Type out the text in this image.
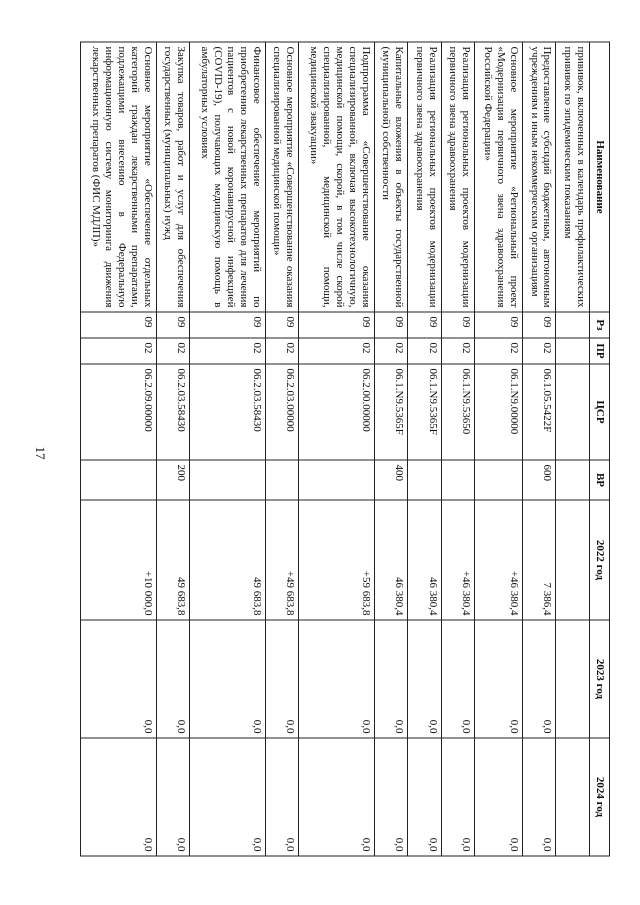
17
Наименование	Рз	ПР	ЦСР	ВР	2022 год	2023 год	2024 год
прививок, включенных в календарь профилактических прививок по эпидемическим показаниям							
Предоставление субсидий бюджетным, автономным учреждениям и иным некоммерческим организациям	09	02	06.1.05.5422F	600	7 386,4	0,0	0,0
Основное мероприятие «Региональный проект «Модернизация первичного звена здравоохранения Российской Федерации»	09	02	06.1.N9.00000		+46 380,4	0,0	0,0
Реализация региональных проектов модернизации первичного звена здравоохранения	09	02	06.1.N9.53650		+46 380,4	0,0	0,0
Реализация региональных проектов модернизации первичного звена здравоохранения	09	02	06.1.N9.5365F		46 380,4	0,0	0,0
Капитальные вложения в объекты государственной (муниципальной) собственности	09	02	06.1.N9.5365F	400	46 380,4	0,0	0,0
Подпрограмма «Совершенствование оказания специализированной, включая высокотехнологичную, медицинской помощи, скорой, в том числе скорой специализированной, медицинской помощи, медицинской эвакуации»	09	02	06.2.00.00000		+59 683,8	0,0	0,0
Основное мероприятие «Совершенствование оказания специализированной медицинской помощи»	09	02	06.2.03.00000		+49 683,8	0,0	0,0
Финансовое обеспечение мероприятий по приобретению лекарственных препаратов для лечения пациентов с новой коронавирусной инфекцией (COVID-19), получающих медицинскую помощь в амбулаторных условиях	09	02	06.2.03.58430		49 683,8	0,0	0,0
Закупка товаров, работ и услуг для обеспечения государственных (муниципальных) нужд	09	02	06.2.03.58430	200	49 683,8	0,0	0,0
Основное мероприятие «Обеспечение отдельных категорий граждан лекарственными препаратами, подлежащими внесению в Федеральную информационную систему мониторинга движения лекарственных препаратов (ФИС МДЛП)»	09	02	06.2.09.00000		+10 000,0	0,0	0,0
